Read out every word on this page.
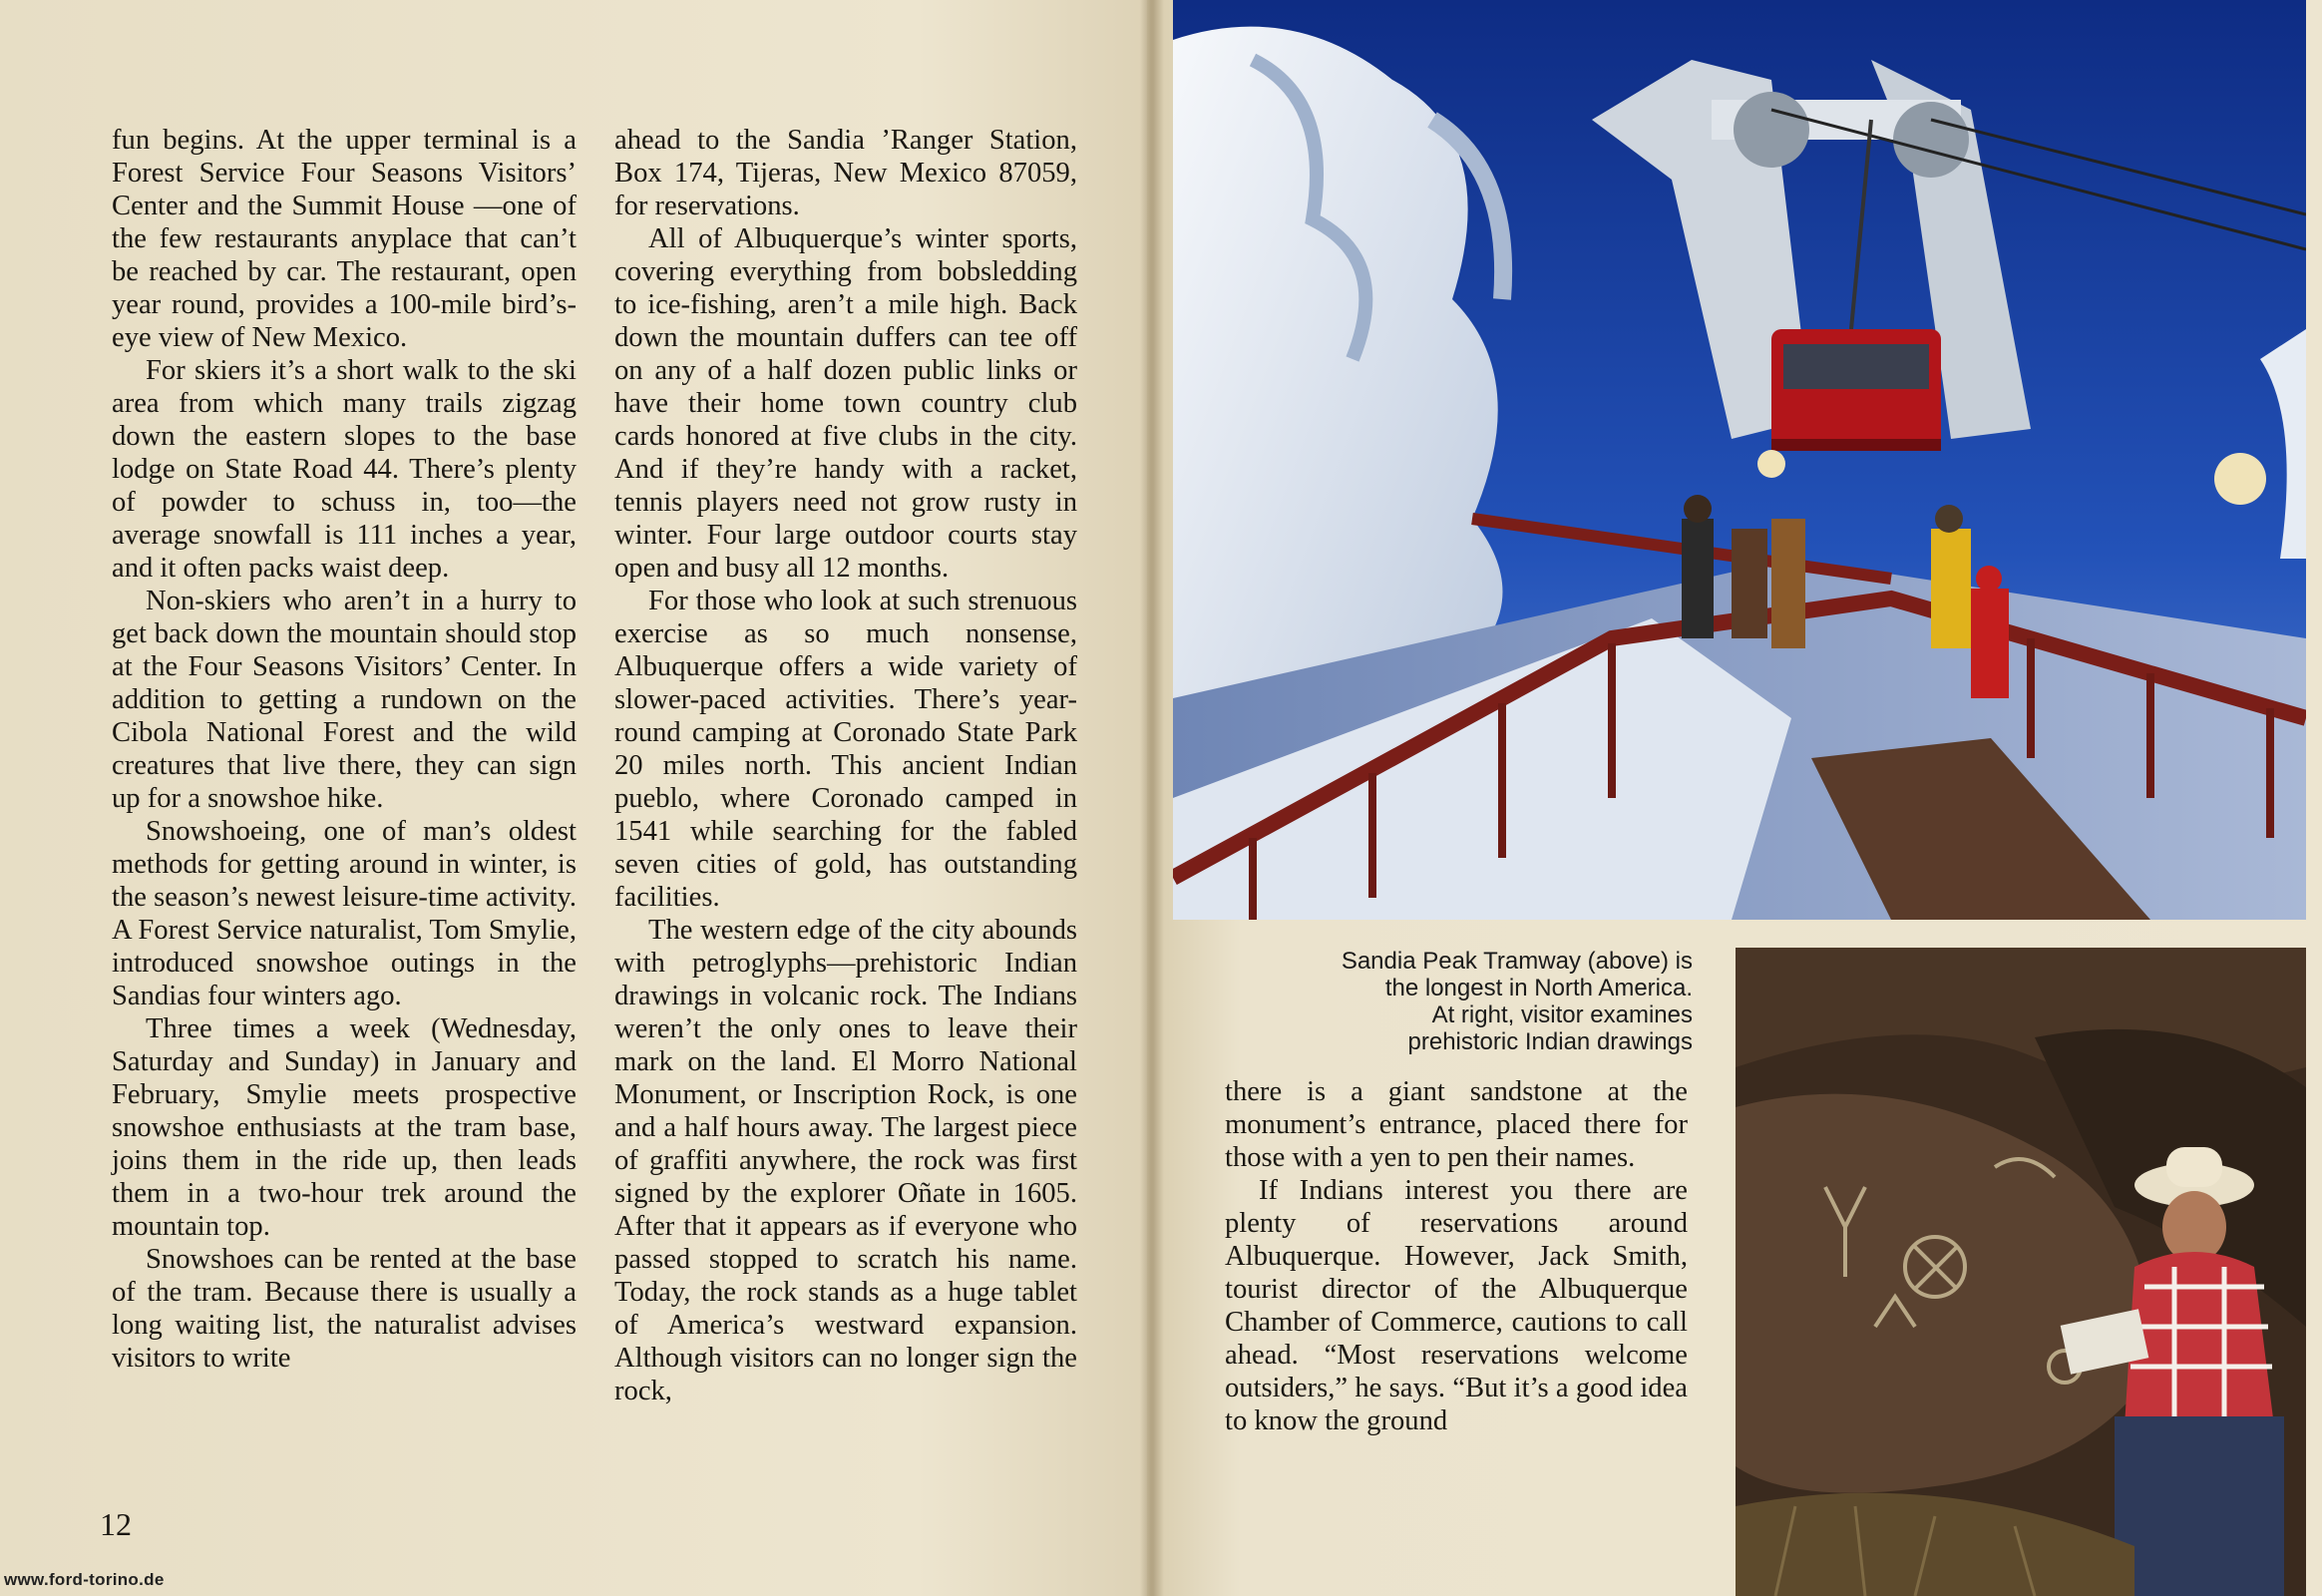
fun begins. At the upper terminal is a Forest Service Four Seasons Visitors’ Center and the Summit House —one of the few restaurants anyplace that can’t be reached by car. The restaurant, open year round, provides a 100-mile bird’s-eye view of New Mexico.

For skiers it’s a short walk to the ski area from which many trails zigzag down the eastern slopes to the base lodge on State Road 44. There’s plenty of powder to schuss in, too—the average snowfall is 111 inches a year, and it often packs waist deep.

Non-skiers who aren’t in a hurry to get back down the mountain should stop at the Four Seasons Visitors’ Center. In addition to getting a rundown on the Cibola National Forest and the wild creatures that live there, they can sign up for a snowshoe hike.

Snowshoeing, one of man’s oldest methods for getting around in winter, is the season’s newest leisure-time activity. A Forest Service naturalist, Tom Smylie, introduced snowshoe outings in the Sandias four winters ago.

Three times a week (Wednesday, Saturday and Sunday) in January and February, Smylie meets prospective snowshoe enthusiasts at the tram base, joins them in the ride up, then leads them in a two-hour trek around the mountain top.

Snowshoes can be rented at the base of the tram. Because there is usually a long waiting list, the naturalist advises visitors to write

ahead to the Sandia ’Ranger Station, Box 174, Tijeras, New Mexico 87059, for reservations.

All of Albuquerque’s winter sports, covering everything from bobsledding to ice-fishing, aren’t a mile high. Back down the mountain duffers can tee off on any of a half dozen public links or have their home town country club cards honored at five clubs in the city. And if they’re handy with a racket, tennis players need not grow rusty in winter. Four large outdoor courts stay open and busy all 12 months.

For those who look at such strenuous exercise as so much nonsense, Albuquerque offers a wide variety of slower-paced activities. There’s year-round camping at Coronado State Park 20 miles north. This ancient Indian pueblo, where Coronado camped in 1541 while searching for the fabled seven cities of gold, has outstanding facilities.

The western edge of the city abounds with petroglyphs—prehistoric Indian drawings in volcanic rock. The Indians weren’t the only ones to leave their mark on the land. El Morro National Monument, or Inscription Rock, is one and a half hours away. The largest piece of graffiti anywhere, the rock was first signed by the explorer Oñate in 1605. After that it appears as if everyone who passed stopped to scratch his name. Today, the rock stands as a huge tablet of America’s westward expansion. Although visitors can no longer sign the rock,

there is a giant sandstone at the monument’s entrance, placed there for those with a yen to pen their names.

If Indians interest you there are plenty of reservations around Albuquerque. However, Jack Smith, tourist director of the Albuquerque Chamber of Commerce, cautions to call ahead. “Most reservations welcome outsiders,” he says. “But it’s a good idea to know the ground

12
www.ford-torino.de
Sandia Peak Tramway (above) is
the longest in North America.
At right, visitor examines
prehistoric Indian drawings
